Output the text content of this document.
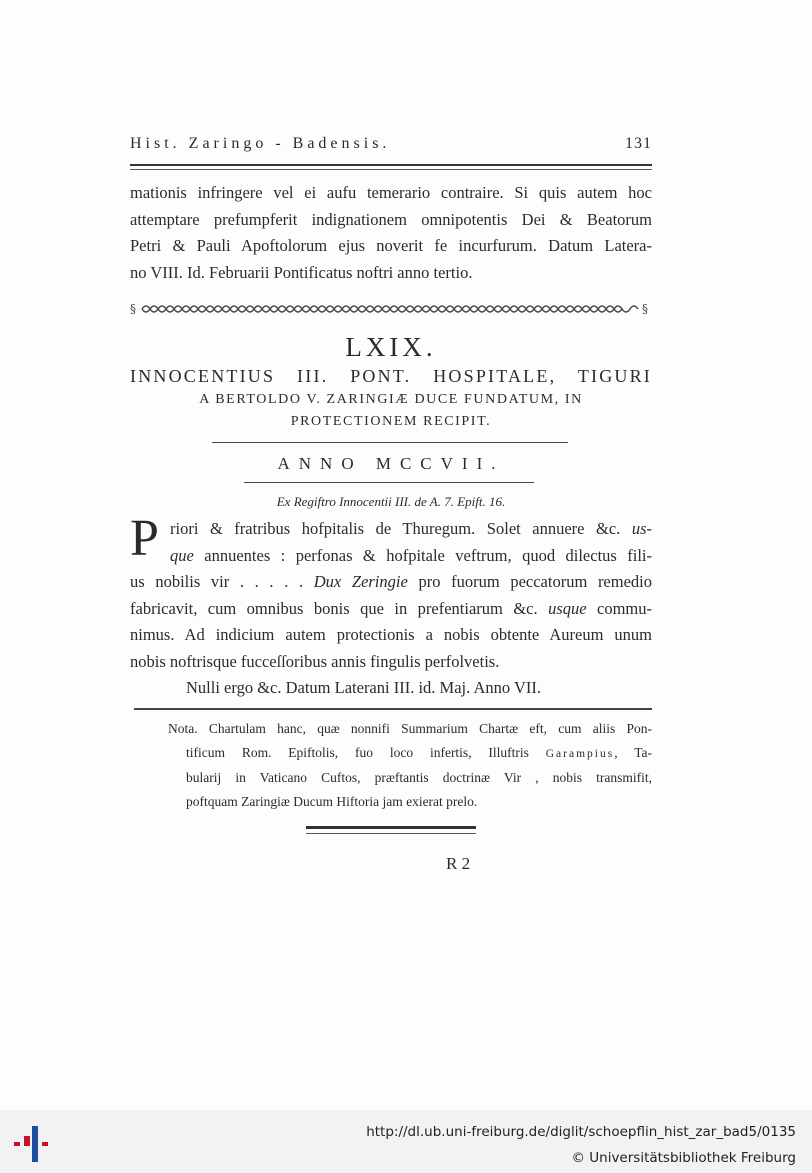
Hist. Zaringo - Badensis.	131
mationis infringere vel ei aufu temerario contraire. Si quis autem hoc
attemptare prefumpferit indignationem omnipotentis Dei & Beatorum
Petri & Pauli Apoftolorum ejus noverit fe incurfurum. Datum Latera-
no VIII. Id. Februarii Pontificatus noftri anno tertio.
§	§
LXIX.
INNOCENTIUS III. PONT. HOSPITALE, TIGURI
A BERTOLDO V. ZARINGIÆ DUCE FUNDATUM, IN
PROTECTIONEM RECIPIT.
ANNO MCCVII.
Ex Regiftro Innocentii III. de A. 7. Epift. 16.
P riori & fratribus hofpitalis de Thuregum. Solet annuere &c. us-
que annuentes : perfonas & hofpitale veftrum, quod dilectus fili-
us nobilis vir . . . . . Dux Zeringie pro fuorum peccatorum remedio
fabricavit, cum omnibus bonis que in prefentiarum &c. usque commu-
nimus. Ad indicium autem protectionis a nobis obtente Aureum unum
nobis noftrisque fucceſſoribus annis fingulis perfolvetis.
Nulli ergo &c. Datum Laterani III. id. Maj. Anno VII.
Nota. Chartulam hanc, quæ nonnifi Summarium Chartæ eft, cum aliis Pon-
tificum Rom. Epiftolis, fuo loco infertis, Illuftris Garampius, Ta-
bularij in Vaticano Cuftos, præftantis doctrinæ Vir , nobis transmifit,
poftquam Zaringiæ Ducum Hiftoria jam exierat prelo.
R 2
http://dl.ub.uni-freiburg.de/diglit/schoepflin_hist_zar_bad5/0135
© Universitätsbibliothek Freiburg
